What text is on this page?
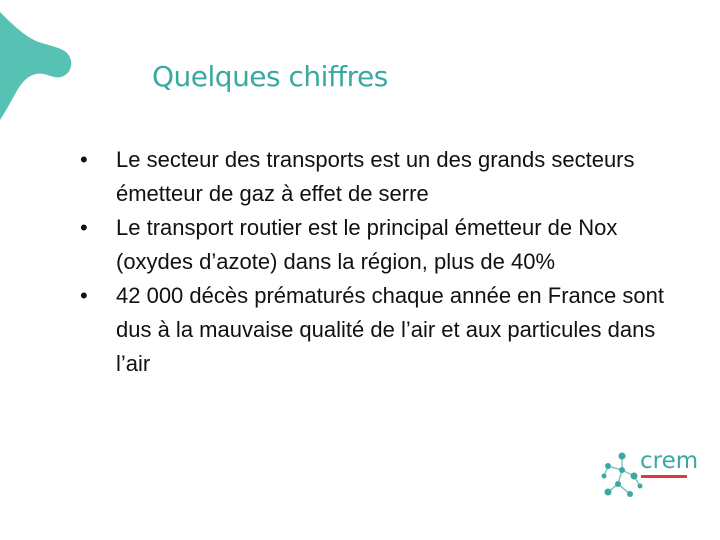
Quelques chiffres
• Le secteur des transports est un des grands secteurs émetteur de gaz à effet de serre
• Le transport routier est le principal émetteur de Nox (oxydes d’azote) dans la région, plus de 40%
• 42 000 décès prématurés chaque année en France sont dus à la mauvaise qualité de l’air et aux particules dans l’air
crem
